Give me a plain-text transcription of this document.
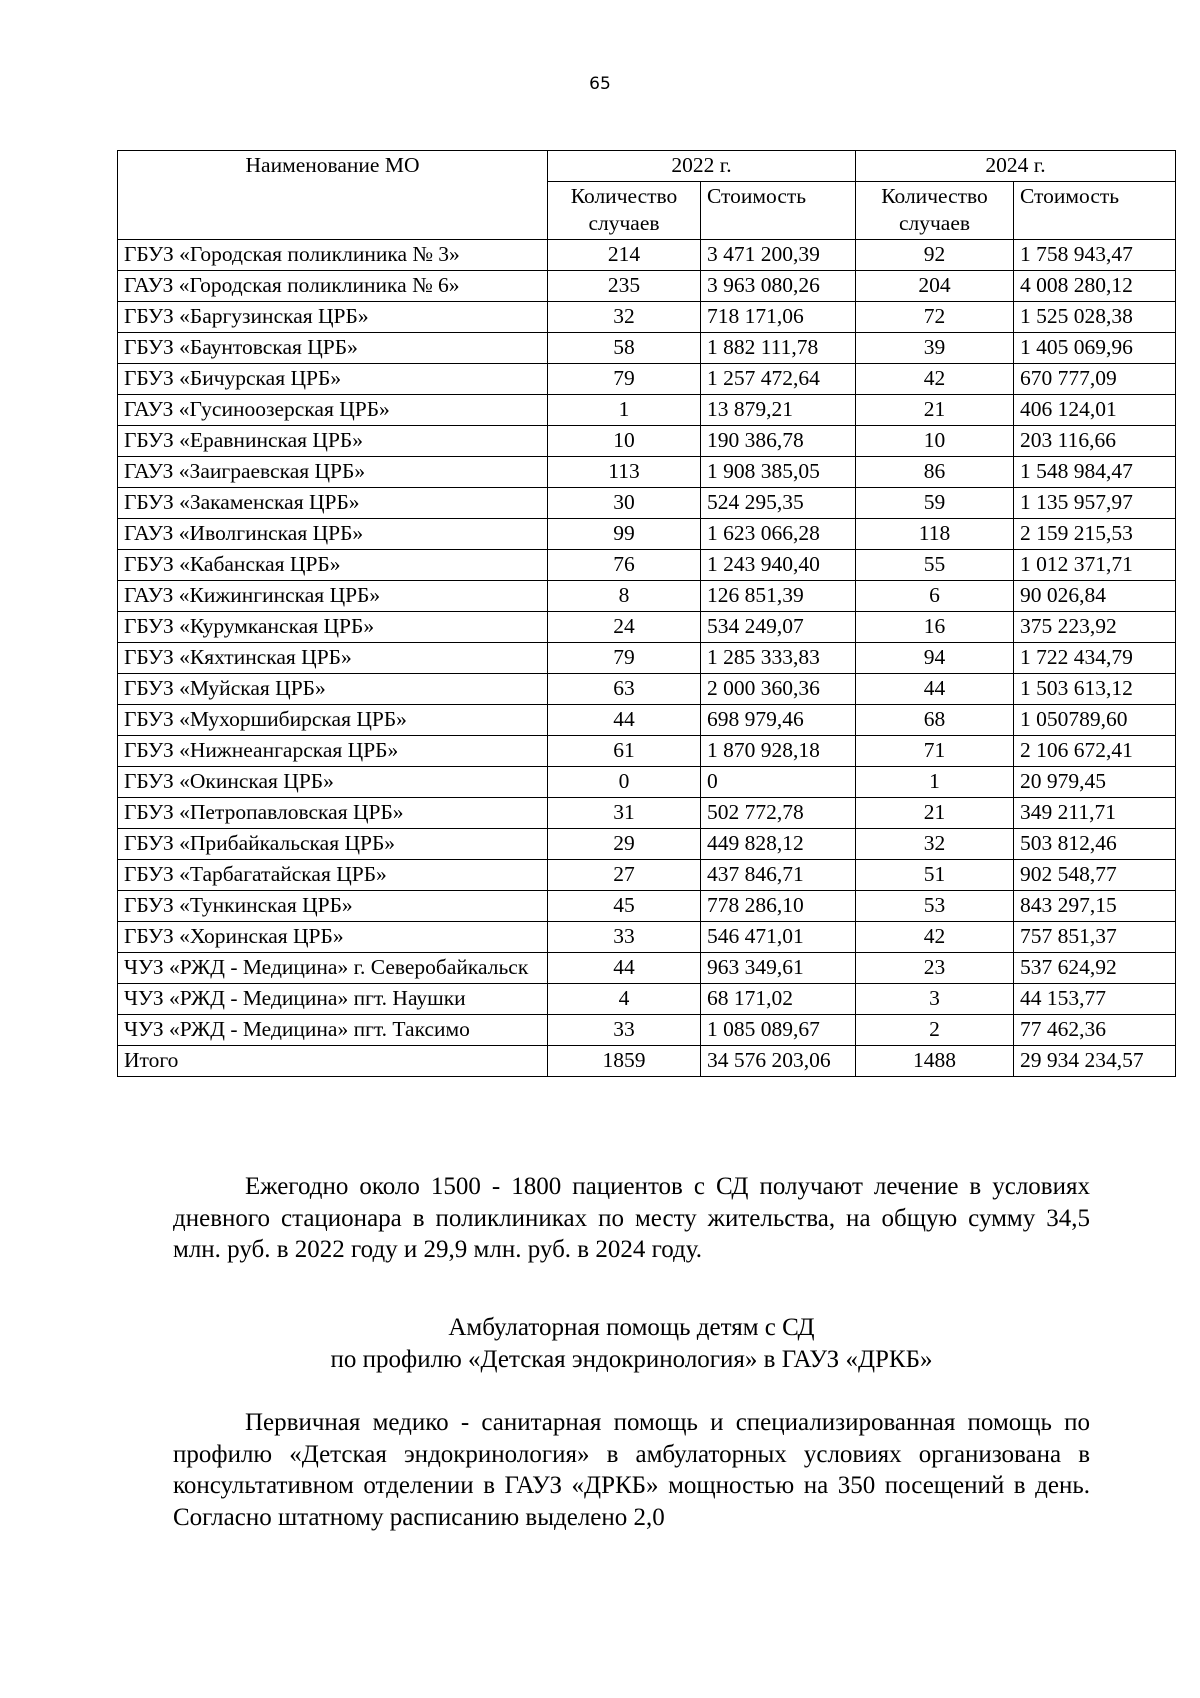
65
Наименование МО	2022 г.		2024 г.	
	Количество случаев	Стоимость	Количество случаев	Стоимость
ГБУЗ «Городская поликлиника № 3»	214	3 471 200,39	92	1 758 943,47
ГАУЗ «Городская поликлиника № 6»	235	3 963 080,26	204	4 008 280,12
ГБУЗ «Баргузинская ЦРБ»	32	718 171,06	72	1 525 028,38
ГБУЗ «Баунтовская ЦРБ»	58	1 882 111,78	39	1 405 069,96
ГБУЗ «Бичурская ЦРБ»	79	1 257 472,64	42	670 777,09
ГАУЗ «Гусиноозерская ЦРБ»	1	13 879,21	21	406 124,01
ГБУЗ «Еравнинская ЦРБ»	10	190 386,78	10	203 116,66
ГАУЗ «Заиграевская ЦРБ»	113	1 908 385,05	86	1 548 984,47
ГБУЗ «Закаменская ЦРБ»	30	524 295,35	59	1 135 957,97
ГАУЗ «Иволгинская ЦРБ»	99	1 623 066,28	118	2 159 215,53
ГБУЗ «Кабанская ЦРБ»	76	1 243 940,40	55	1 012 371,71
ГАУЗ «Кижингинская ЦРБ»	8	126 851,39	6	90 026,84
ГБУЗ «Курумканская ЦРБ»	24	534 249,07	16	375 223,92
ГБУЗ «Кяхтинская ЦРБ»	79	1 285 333,83	94	1 722 434,79
ГБУЗ «Муйская ЦРБ»	63	2 000 360,36	44	1 503 613,12
ГБУЗ «Мухоршибирская ЦРБ»	44	698 979,46	68	1 050789,60
ГБУЗ «Нижнеангарская ЦРБ»	61	1 870 928,18	71	2 106 672,41
ГБУЗ «Окинская ЦРБ»	0	0	1	20 979,45
ГБУЗ «Петропавловская ЦРБ»	31	502 772,78	21	349 211,71
ГБУЗ «Прибайкальская ЦРБ»	29	449 828,12	32	503 812,46
ГБУЗ «Тарбагатайская ЦРБ»	27	437 846,71	51	902 548,77
ГБУЗ «Тункинская ЦРБ»	45	778 286,10	53	843 297,15
ГБУЗ «Хоринская ЦРБ»	33	546 471,01	42	757 851,37
ЧУЗ «РЖД - Медицина» г. Северобайкальск	44	963 349,61	23	537 624,92
ЧУЗ «РЖД - Медицина» пгт. Наушки	4	68 171,02	3	44 153,77
ЧУЗ «РЖД - Медицина» пгт. Таксимо	33	1 085 089,67	2	77 462,36
Итого	1859	34 576 203,06	1488	29 934 234,57

Ежегодно около 1500 - 1800 пациентов с СД получают лечение в условиях дневного стационара в поликлиниках по месту жительства, на общую сумму 34,5 млн. руб. в 2022 году и 29,9 млн. руб. в 2024 году.

Амбулаторная помощь детям с СД

по профилю «Детская эндокринология» в ГАУЗ «ДРКБ»

Первичная медико - санитарная помощь и специализированная помощь по профилю «Детская эндокринология» в амбулаторных условиях организована в консультативном отделении в ГАУЗ «ДРКБ» мощностью на 350 посещений в день. Согласно штатному расписанию выделено 2,0
